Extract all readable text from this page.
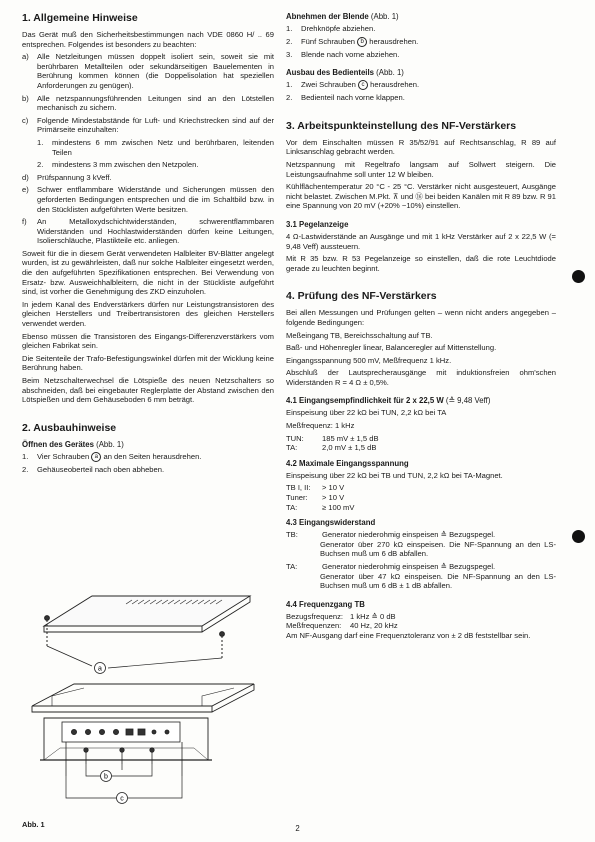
1. Allgemeine Hinweise

Das Gerät muß den Sicherheitsbestimmungen nach VDE 0860 H/ .. 69 entsprechen. Folgendes ist besonders zu beachten:

a)	Alle Netzleitungen müssen doppelt isoliert sein, soweit sie mit berührbaren Metallteilen oder sekundärseitigen Bauelementen in Berührung kommen können (die Doppelisolation hat speziellen Anforderungen zu genügen).
b)	Alle netzspannungsführenden Leitungen sind an den Lötstellen mechanisch zu sichern.
c)	Folgende Mindestabstände für Luft- und Kriechstrecken sind auf der Primärseite einzuhalten:
1.	mindestens 6 mm zwischen Netz und berührbaren, leitenden Teilen
2.	mindestens 3 mm zwischen den Netzpolen.
d)	Prüfspannung 3 kVeff.
e)	Schwer entflammbare Widerstände und Sicherungen müssen den geforderten Bedingungen entsprechen und die im Schaltbild bzw. in den Stücklisten aufgeführten Werte besitzen.
f)	An Metalloxydschichtwiderständen, schwerentflammbaren Widerständen und Hochlastwiderständen dürfen keine Leitungen, Isolierschläuche, Plastikteile etc. anliegen.

Soweit für die in diesem Gerät verwendeten Halbleiter BV-Blätter angelegt wurden, ist zu gewährleisten, daß nur solche Halbleiter eingesetzt werden, die den aufgeführten Spezifikationen entsprechen. Bei Verwendung von Ersatz- bzw. Ausweichhalbleitern, die nicht in der Stückliste aufgeführt sind, ist vorher die Genehmigung des ZKD einzuholen.

In jedem Kanal des Endverstärkers dürfen nur Leistungstransistoren des gleichen Herstellers und Treibertransistoren des gleichen Herstellers verwendet werden.

Ebenso müssen die Transistoren des Eingangs-Differenzverstärkers vom gleichen Fabrikat sein.

Die Seitenteile der Trafo-Befestigungswinkel dürfen mit der Wicklung keine Berührung haben.

Beim Netzschalterwechsel die Lötspieße des neuen Netzschalters so abschneiden, daß bei eingebauter Reglerplatte der Abstand zwischen den Lötspießen und dem Gehäuseboden 6 mm beträgt.

2. Ausbauhinweise
Öffnen des Gerätes (Abb. 1)
1.	Vier Schrauben a an den Seiten herausdrehen.
2.	Gehäuseoberteil nach oben abheben.
a
b
c
Abb. 1
Abnehmen der Blende (Abb. 1)
1.	Drehknöpfe abziehen.
2.	Fünf Schrauben b herausdrehen.
3.	Blende nach vorne abziehen.
Ausbau des Bedienteils (Abb. 1)
1.	Zwei Schrauben c herausdrehen.
2.	Bedienteil nach vorne klappen.
3. Arbeitspunkteinstellung des NF-Verstärkers

Vor dem Einschalten müssen R 35/52/91 auf Rechtsanschlag, R 89 auf Linksanschlag gebracht werden.

Netzspannung mit Regeltrafo langsam auf Sollwert steigern. Die Leistungsaufnahme soll unter 12 W bleiben.

Kühlflächentemperatur 20 °C - 25 °C. Verstärker nicht ausgesteuert, Ausgänge nicht belastet. Zwischen M.Pkt. ⊼ und ⑯ bei beiden Kanälen mit R 89 bzw. R 91 eine Spannung von 20 mV (+20% −10%) einstellen.

3.1 Pegelanzeige

4 Ω-Lastwiderstände an Ausgänge und mit 1 kHz Verstärker auf 2 x 22,5 W (= 9,48 Veff) aussteuern.

Mit R 35 bzw. R 53 Pegelanzeige so einstellen, daß die rote Leuchtdiode gerade zu leuchten beginnt.

4. Prüfung des NF-Verstärkers

Bei allen Messungen und Prüfungen gelten – wenn nicht anders angegeben – folgende Bedingungen:

Meßeingang TB, Bereichsschaltung auf TB.

Baß- und Höhenregler linear, Balanceregler auf Mittenstellung.

Eingangsspannung 500 mV, Meßfrequenz 1 kHz.

Abschluß der Lautsprecherausgänge mit induktionsfreien ohm'schen Widerständen R = 4 Ω ± 0,5%.

4.1 Eingangsempfindlichkeit für 2 x 22,5 W (≙ 9,48 Veff)

Einspeisung über 22 kΩ bei TUN, 2,2 kΩ bei TA

Meßfrequenz: 1 kHz

TUN:	185 mV ± 1,5 dB
TA:	2,0 mV ± 1,5 dB
4.2 Maximale Eingangsspannung

Einspeisung über 22 kΩ bei TB und TUN, 2,2 kΩ bei TA-Magnet.

TB I, II:	> 10 V
Tuner:	> 10 V
TA:	≥ 100 mV
4.3 Eingangswiderstand
TB:	Generator niederohmig einspeisen ≙ Bezugspegel.

Generator über 270 kΩ einspeisen. Die NF-Spannung an den LS-Buchsen muß um 6 dB abfallen.

TA:	Generator niederohmig einspeisen ≙ Bezugspegel.

Generator über 47 kΩ einspeisen. Die NF-Spannung an den LS-Buchsen muß um 6 dB ± 1 dB abfallen.

4.4 Frequenzgang TB
Bezugsfrequenz: 1 kHz ≙ 0 dB
Meßfrequenzen:	40 Hz, 20 kHz

Am NF-Ausgang darf eine Frequenztoleranz von ± 2 dB feststellbar sein.

2
